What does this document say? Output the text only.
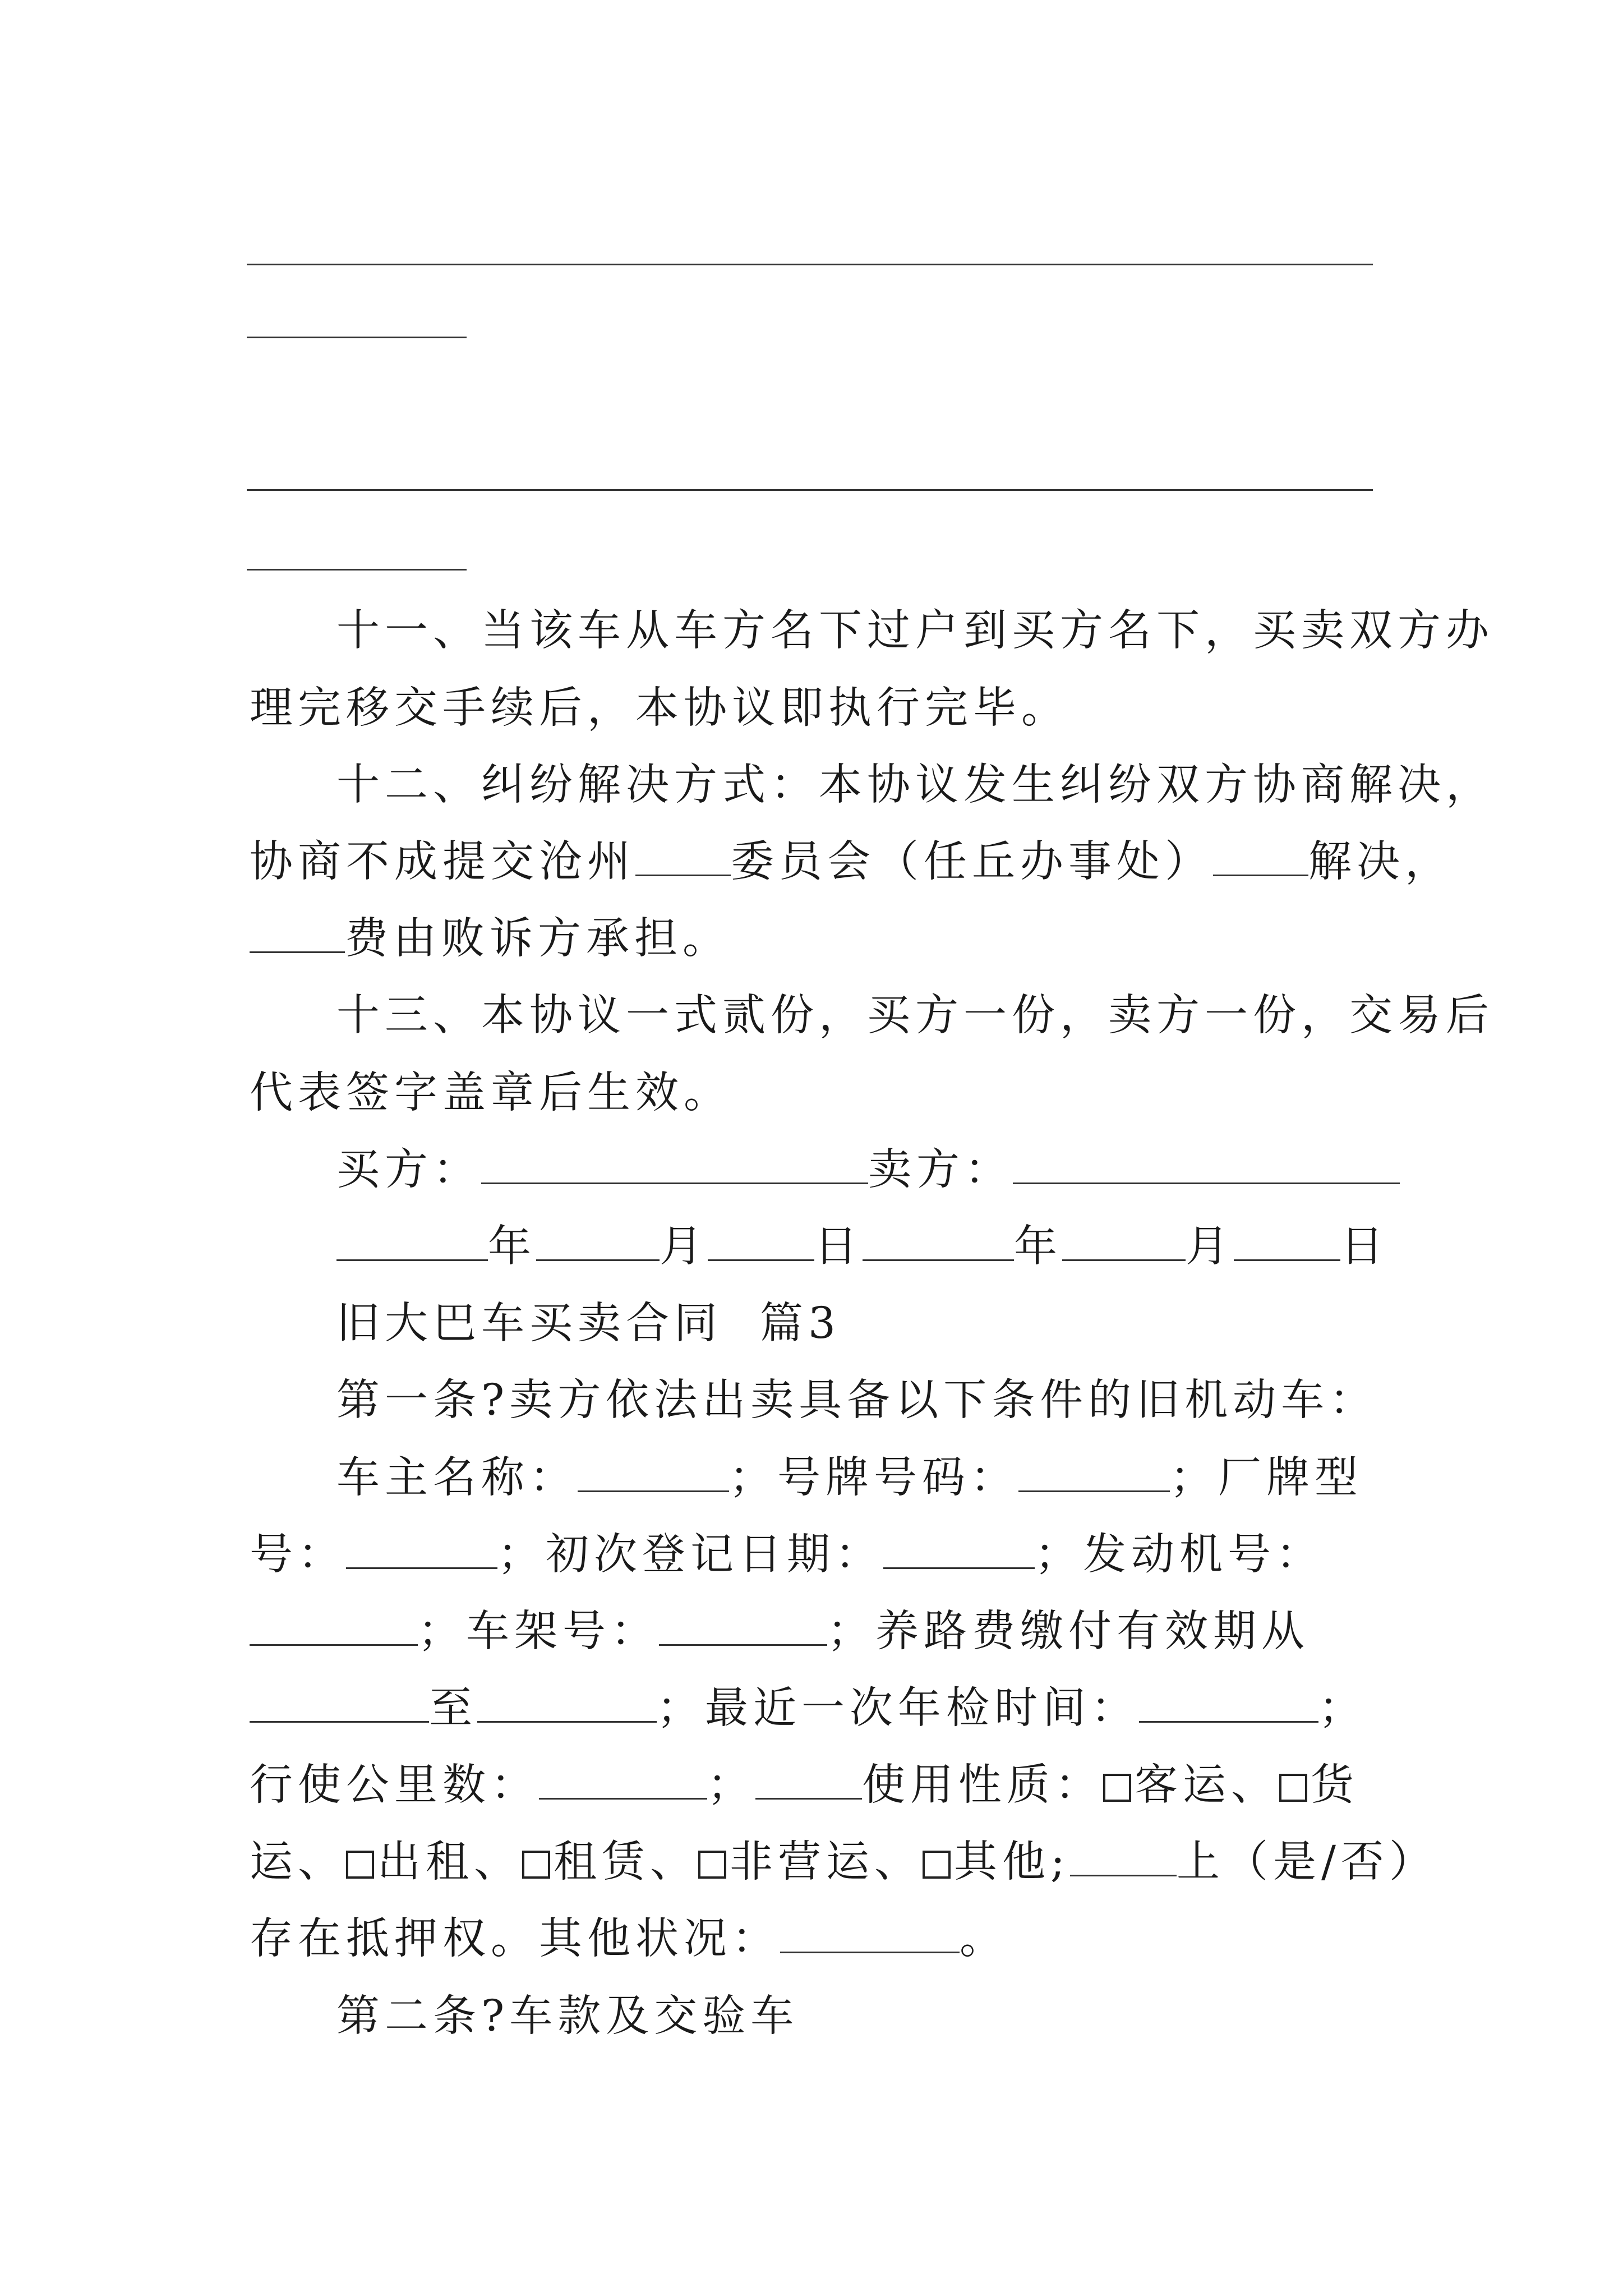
十一、当该车从车方名下过户到买方名下，买卖双方办
理完移交手续后，本协议即执行完毕。
十二、纠纷解决方式：本协议发生纠纷双方协商解决，
协商不成提交沧州 委员会（任丘办事处） 解决，
费由败诉方承担。
十三、本协议一式贰份，买方一份，卖方一份，交易后
代表签字盖章后生效。
买方：	卖方：
年	月 日	年	月 日
旧大巴车买卖合同  篇3
第一条?卖方依法出卖具备以下条件的旧机动车：
车主名称：	；号牌号码：	；厂牌型
号：	；初次登记日期：	；发动机号：
；车架号：	；养路费缴付有效期从
至	；最近一次年检时间：	；
行使公里数：	； 使用性质： 客运、 货
运、 出租、 租赁、 非营运、 其他; 上（是/否）
存在抵押权。其他状况：	。
第二条?车款及交验车
